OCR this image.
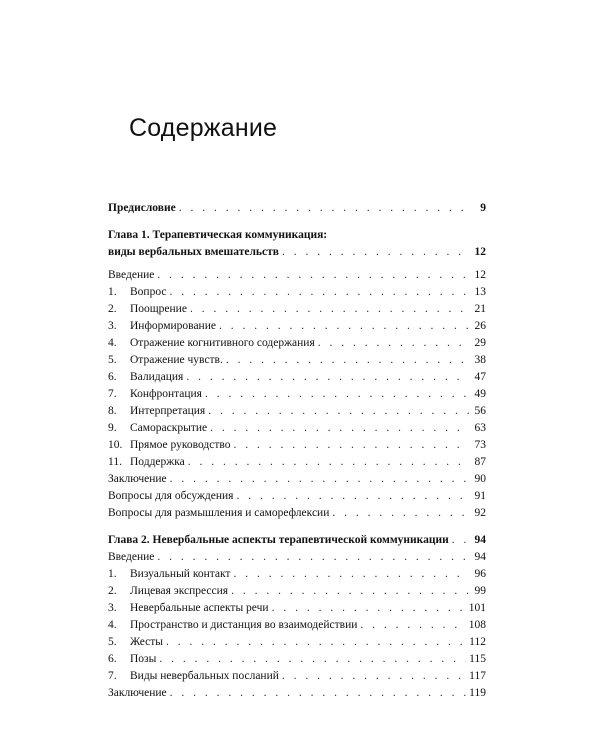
Содержание
Предисловие . . .	9
Глава 1. Терапевтическая коммуникация:
виды вербальных вмешательств . . .	12
Введение . . .	12
1.	Вопрос . . .	13
2.	Поощрение . . .	21
3.	Информирование . . .	26
4.	Отражение когнитивного содержания . . .	29
5.	Отражение чувств. . . .	38
6.	Валидация . . .	47
7.	Конфронтация . . .	49
8.	Интерпретация . . .	56
9.	Самораскрытие . . .	63
10. Прямое руководство . . .	73
11. Поддержка . . .	87
Заключение . . .	90
Вопросы для обсуждения . . .	91
Вопросы для размышления и саморефлексии . . .	92
Глава 2. Невербальные аспекты терапевтической коммуникации . . . 94
Введение . . .	94
1.	Визуальный контакт . . .	96
2.	Лицевая экспрессия . . .	99
3.	Невербальные аспекты речи . . .	101
4.	Пространство и дистанция во взаимодействии . . .	108
5.	Жесты . . .	112
6.	Позы . . .	115
7.	Виды невербальных посланий . . .	117
Заключение . . .	119
